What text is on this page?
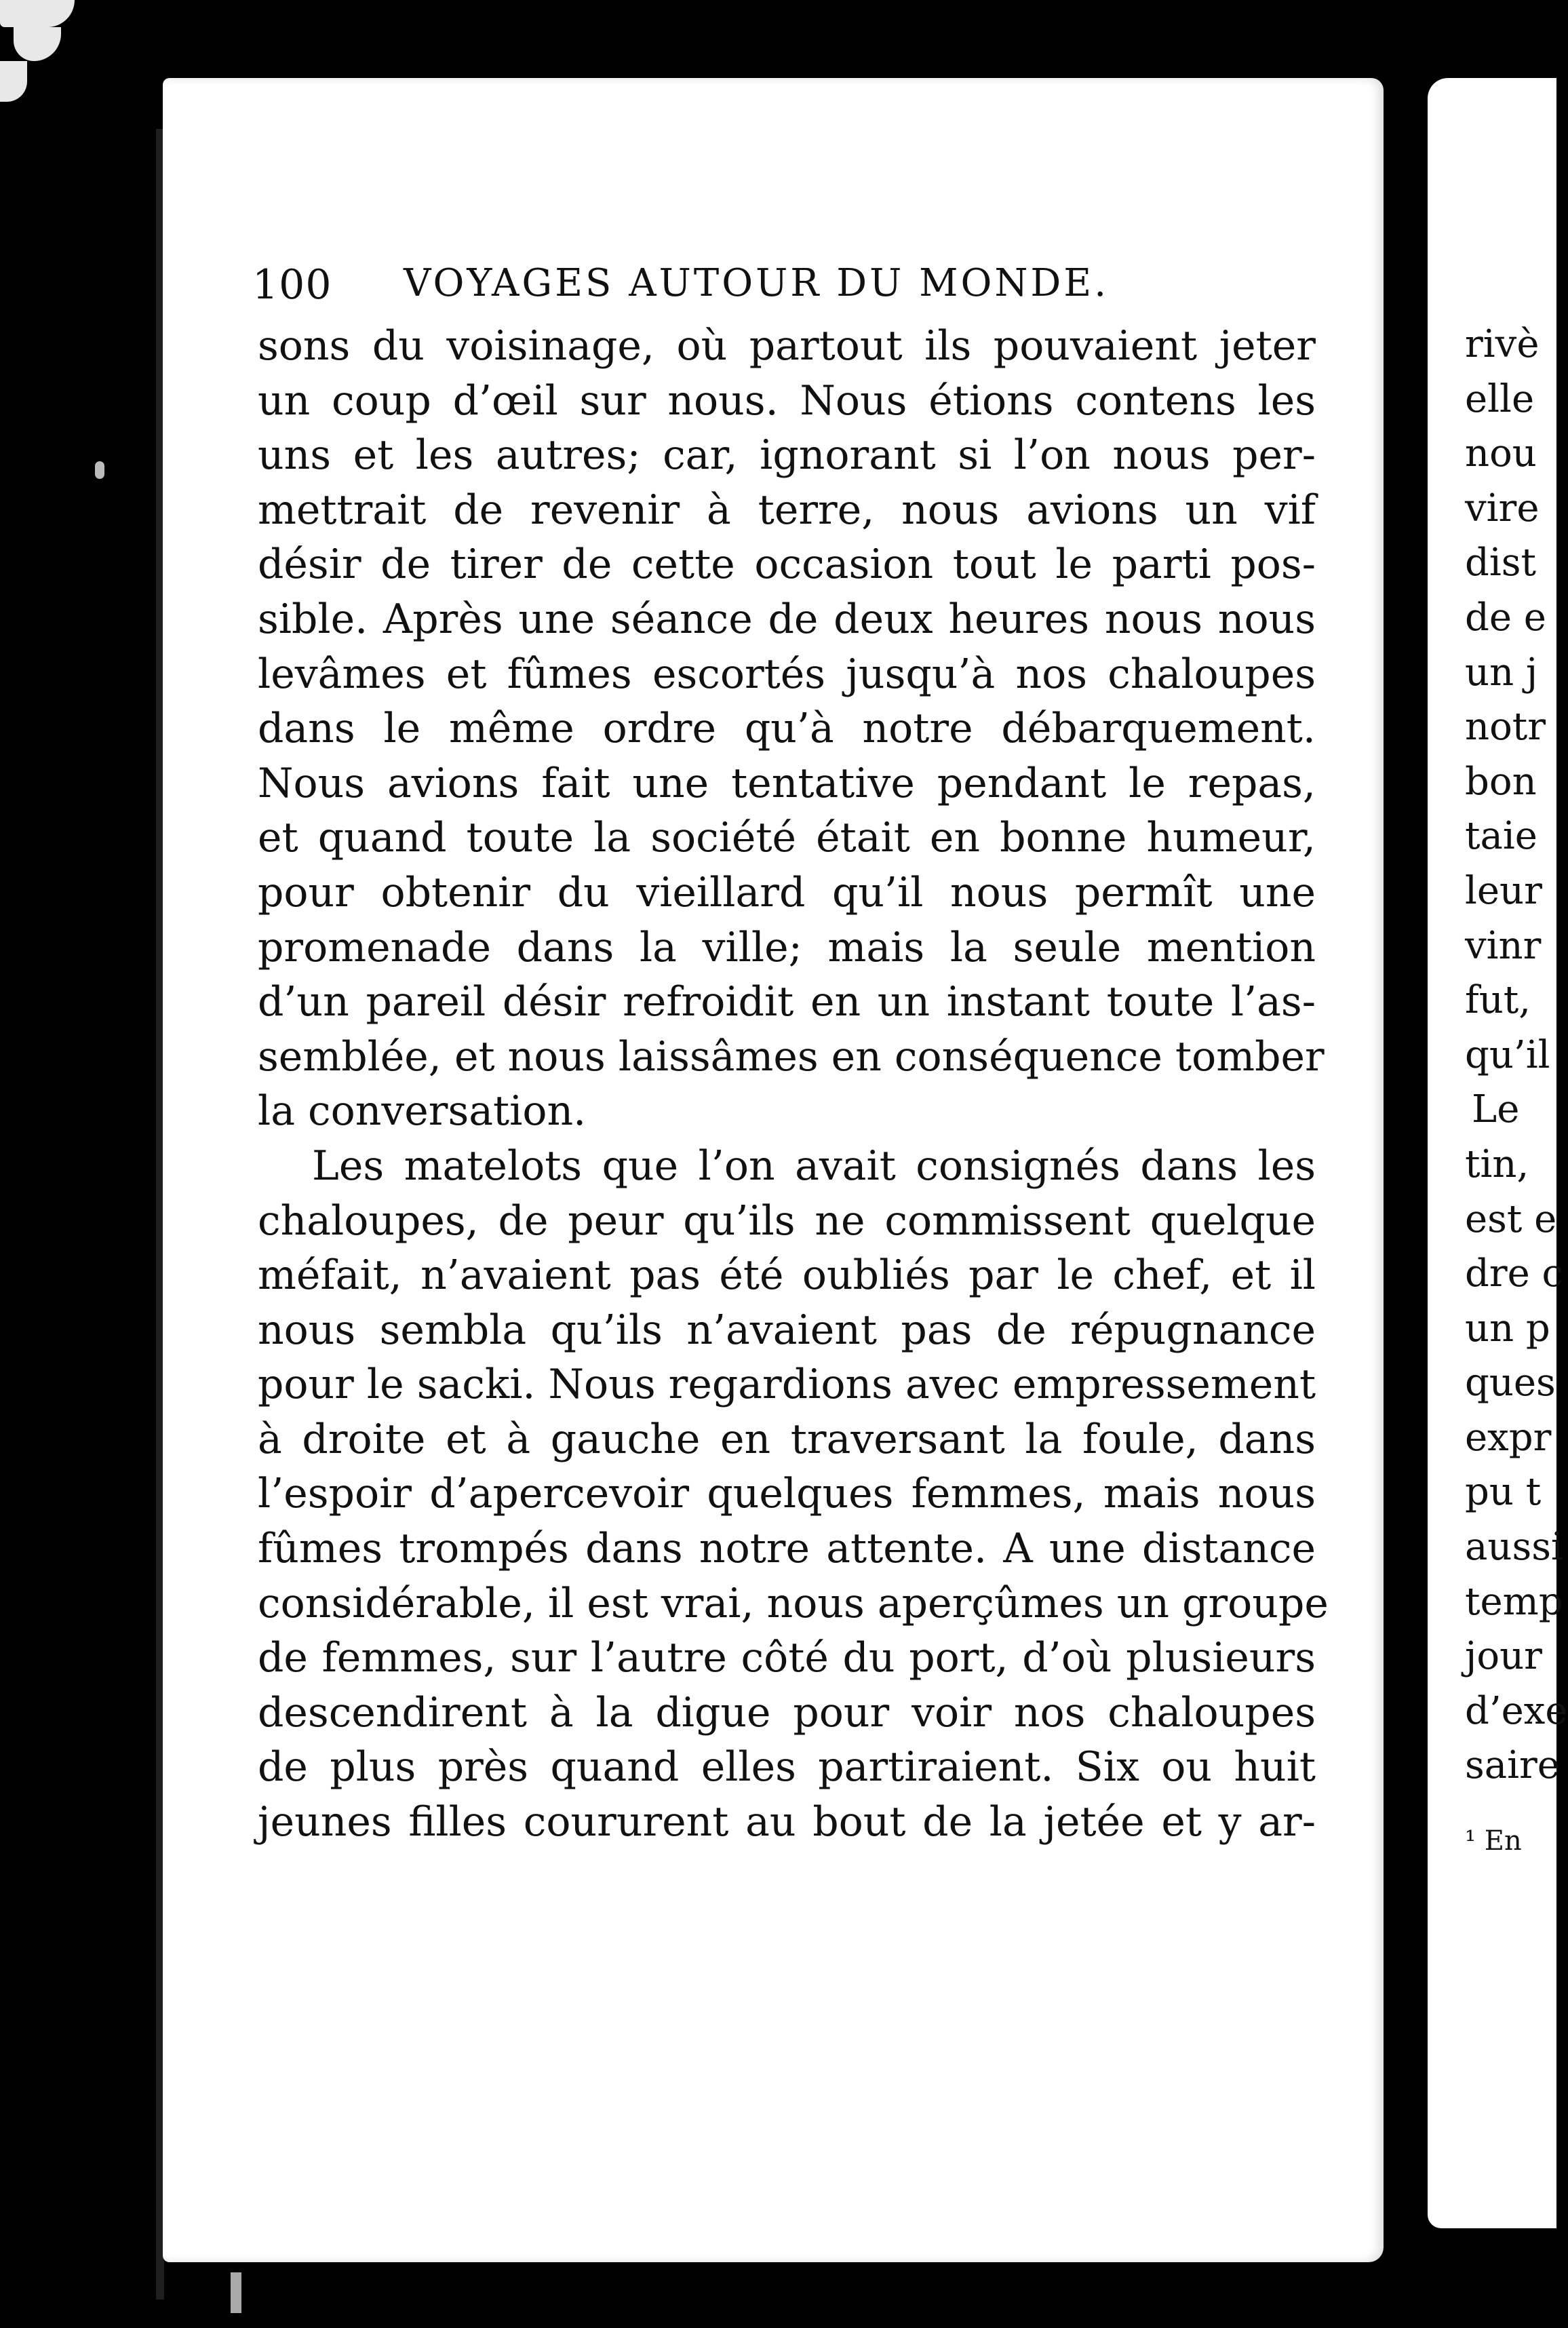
100 VOYAGES AUTOUR DU MONDE.
sons du voisinage, où partout ils pouvaient jeter
un coup d’œil sur nous. Nous étions contens les
uns et les autres; car, ignorant si l’on nous per-
mettrait de revenir à terre, nous avions un vif
désir de tirer de cette occasion tout le parti pos-
sible. Après une séance de deux heures nous nous
levâmes et fûmes escortés jusqu’à nos chaloupes
dans le même ordre qu’à notre débarquement.
Nous avions fait une tentative pendant le repas,
et quand toute la société était en bonne humeur,
pour obtenir du vieillard qu’il nous permît une
promenade dans la ville; mais la seule mention
d’un pareil désir refroidit en un instant toute l’as-
semblée, et nous laissâmes en conséquence tomber
la conversation.
Les matelots que l’on avait consignés dans les
chaloupes, de peur qu’ils ne commissent quelque
méfait, n’avaient pas été oubliés par le chef, et il
nous sembla qu’ils n’avaient pas de répugnance
pour le sacki. Nous regardions avec empressement
à droite et à gauche en traversant la foule, dans
l’espoir d’apercevoir quelques femmes, mais nous
fûmes trompés dans notre attente. A une distance
considérable, il est vrai, nous aperçûmes un groupe
de femmes, sur l’autre côté du port, d’où plusieurs
descendirent à la digue pour voir nos chaloupes
de plus près quand elles partiraient. Six ou huit
jeunes filles coururent au bout de la jetée et y ar-
rivè
elle
nou
vire
dist
de e
un j
notr
bon
taie
leur
vinr
fut,
qu’il
Le
tin,
est e
dre c
un p
ques
expr
pu t
aussi
temp
jour
d’exe
saire
¹ En
